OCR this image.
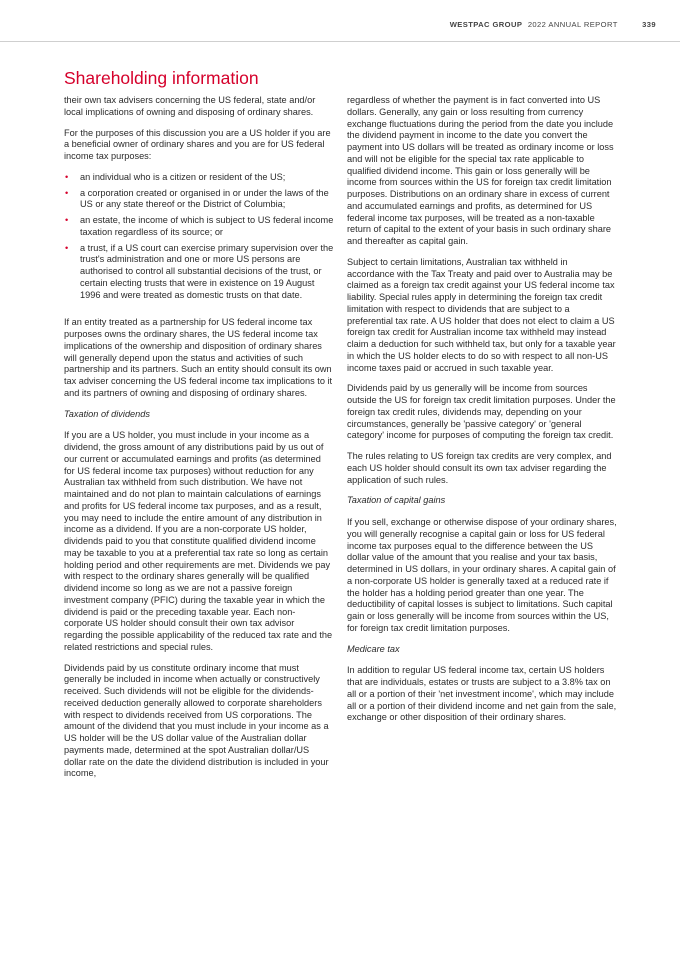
WESTPAC GROUP 2022 ANNUAL REPORT	339
Shareholding information

their own tax advisers concerning the US federal, state and/or local implications of owning and disposing of ordinary shares.

For the purposes of this discussion you are a US holder if you are a beneficial owner of ordinary shares and you are for US federal income tax purposes:

• an individual who is a citizen or resident of the US;
• a corporation created or organised in or under the laws of the US or any state thereof or the District of Columbia;
• an estate, the income of which is subject to US federal income taxation regardless of its source; or
• a trust, if a US court can exercise primary supervision over the trust's administration and one or more US persons are authorised to control all substantial decisions of the trust, or certain electing trusts that were in existence on 19 August 1996 and were treated as domestic trusts on that date.

If an entity treated as a partnership for US federal income tax purposes owns the ordinary shares, the US federal income tax implications of the ownership and disposition of ordinary shares will generally depend upon the status and activities of such partnership and its partners. Such an entity should consult its own tax adviser concerning the US federal income tax implications to it and its partners of owning and disposing of ordinary shares.

Taxation of dividends

If you are a US holder, you must include in your income as a dividend, the gross amount of any distributions paid by us out of our current or accumulated earnings and profits (as determined for US federal income tax purposes) without reduction for any Australian tax withheld from such distribution. We have not maintained and do not plan to maintain calculations of earnings and profits for US federal income tax purposes, and as a result, you may need to include the entire amount of any distribution in income as a dividend. If you are a non-corporate US holder, dividends paid to you that constitute qualified dividend income may be taxable to you at a preferential tax rate so long as certain holding period and other requirements are met. Dividends we pay with respect to the ordinary shares generally will be qualified dividend income so long as we are not a passive foreign investment company (PFIC) during the taxable year in which the dividend is paid or the preceding taxable year. Each non-corporate US holder should consult their own tax advisor regarding the possible applicability of the reduced tax rate and the related restrictions and special rules.

Dividends paid by us constitute ordinary income that must generally be included in income when actually or constructively received. Such dividends will not be eligible for the dividends-received deduction generally allowed to corporate shareholders with respect to dividends received from US corporations. The amount of the dividend that you must include in your income as a US holder will be the US dollar value of the Australian dollar payments made, determined at the spot Australian dollar/US dollar rate on the date the dividend distribution is included in your income,

regardless of whether the payment is in fact converted into US dollars. Generally, any gain or loss resulting from currency exchange fluctuations during the period from the date you include the dividend payment in income to the date you convert the payment into US dollars will be treated as ordinary income or loss and will not be eligible for the special tax rate applicable to qualified dividend income. This gain or loss generally will be income from sources within the US for foreign tax credit limitation purposes. Distributions on an ordinary share in excess of current and accumulated earnings and profits, as determined for US federal income tax purposes, will be treated as a non-taxable return of capital to the extent of your basis in such ordinary share and thereafter as capital gain.

Subject to certain limitations, Australian tax withheld in accordance with the Tax Treaty and paid over to Australia may be claimed as a foreign tax credit against your US federal income tax liability. Special rules apply in determining the foreign tax credit limitation with respect to dividends that are subject to a preferential tax rate. A US holder that does not elect to claim a US foreign tax credit for Australian income tax withheld may instead claim a deduction for such withheld tax, but only for a taxable year in which the US holder elects to do so with respect to all non-US income taxes paid or accrued in such taxable year.

Dividends paid by us generally will be income from sources outside the US for foreign tax credit limitation purposes. Under the foreign tax credit rules, dividends may, depending on your circumstances, generally be 'passive category' or 'general category' income for purposes of computing the foreign tax credit.

The rules relating to US foreign tax credits are very complex, and each US holder should consult its own tax adviser regarding the application of such rules.

Taxation of capital gains

If you sell, exchange or otherwise dispose of your ordinary shares, you will generally recognise a capital gain or loss for US federal income tax purposes equal to the difference between the US dollar value of the amount that you realise and your tax basis, determined in US dollars, in your ordinary shares. A capital gain of a non-corporate US holder is generally taxed at a reduced rate if the holder has a holding period greater than one year. The deductibility of capital losses is subject to limitations. Such capital gain or loss generally will be income from sources within the US, for foreign tax credit limitation purposes.

Medicare tax

In addition to regular US federal income tax, certain US holders that are individuals, estates or trusts are subject to a 3.8% tax on all or a portion of their 'net investment income', which may include all or a portion of their dividend income and net gain from the sale, exchange or other disposition of their ordinary shares.
